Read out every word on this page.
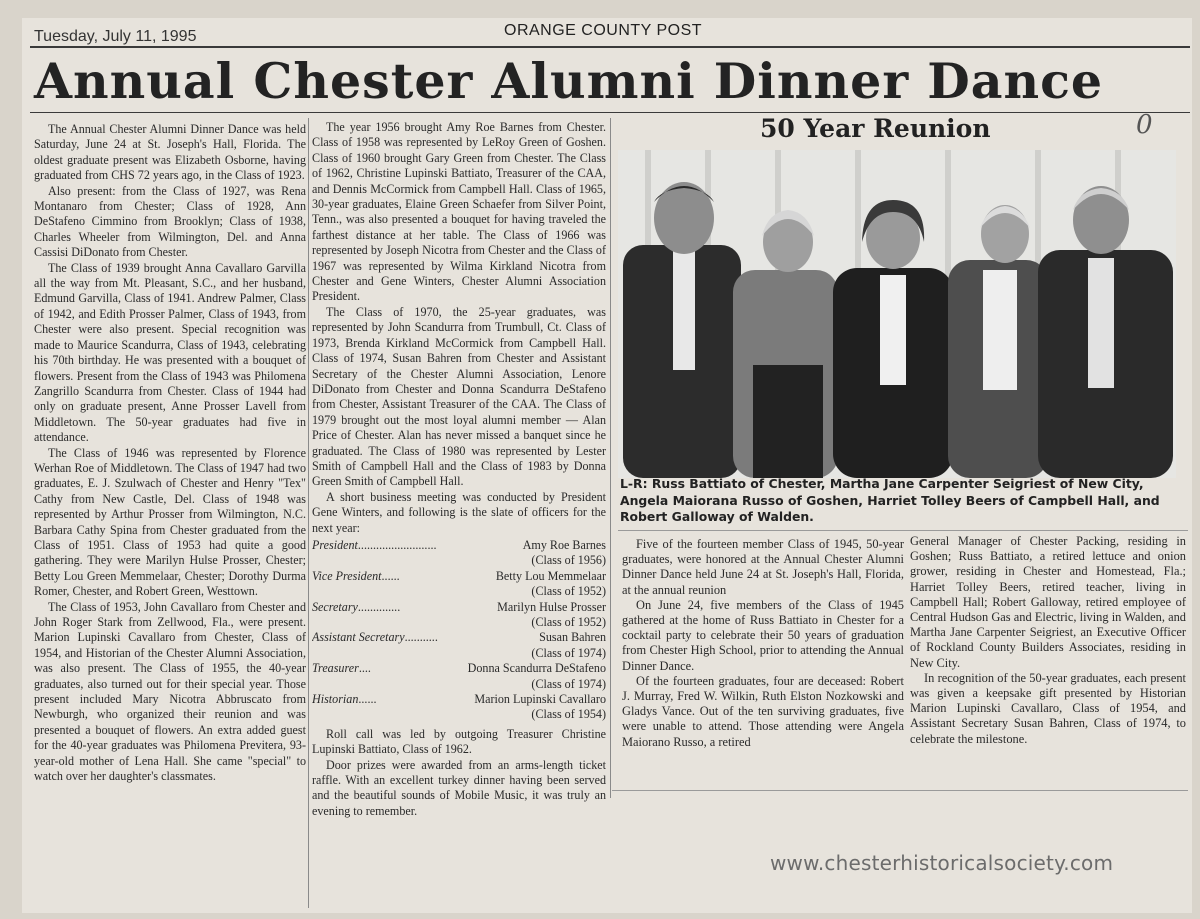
Tuesday, July 11, 1995	ORANGE COUNTY POST
Annual Chester Alumni Dinner Dance
50 Year Reunion	0

The Annual Chester Alumni Dinner Dance was held Saturday, June 24 at St. Joseph's Hall, Florida. The oldest graduate present was Elizabeth Osborne, having graduated from CHS 72 years ago, in the Class of 1923.

Also present: from the Class of 1927, was Rena Montanaro from Chester; Class of 1928, Ann DeStafeno Cimmino from Brooklyn; Class of 1938, Charles Wheeler from Wilmington, Del. and Anna Cassisi DiDonato from Chester.

The Class of 1939 brought Anna Cavallaro Garvilla all the way from Mt. Pleasant, S.C., and her husband, Edmund Garvilla, Class of 1941. Andrew Palmer, Class of 1942, and Edith Prosser Palmer, Class of 1943, from Chester were also present. Special recognition was made to Maurice Scandurra, Class of 1943, celebrating his 70th birthday. He was presented with a bouquet of flowers. Present from the Class of 1943 was Philomena Zangrillo Scandurra from Chester. Class of 1944 had only on graduate present, Anne Prosser Lavell from Middletown. The 50-year graduates had five in attendance.

The Class of 1946 was represented by Florence Werhan Roe of Middletown. The Class of 1947 had two graduates, E. J. Szulwach of Chester and Henry "Tex" Cathy from New Castle, Del. Class of 1948 was represented by Arthur Prosser from Wilmington, N.C. Barbara Cathy Spina from Chester graduated from the Class of 1951. Class of 1953 had quite a good gathering. They were Marilyn Hulse Prosser, Chester; Betty Lou Green Memmelaar, Chester; Dorothy Durma Romer, Chester, and Robert Green, Westtown.

The Class of 1953, John Cavallaro from Chester and John Roger Stark from Zellwood, Fla., were present. Marion Lupinski Cavallaro from Chester, Class of 1954, and Historian of the Chester Alumni Association, was also present. The Class of 1955, the 40-year graduates, also turned out for their special year. Those present included Mary Nicotra Abbruscato from Newburgh, who organized their reunion and was presented a bouquet of flowers. An extra added guest for the 40-year graduates was Philomena Previtera, 93-year-old mother of Lena Hall. She came "special" to watch over her daughter's classmates.

The year 1956 brought Amy Roe Barnes from Chester. Class of 1958 was represented by LeRoy Green of Goshen. Class of 1960 brought Gary Green from Chester. The Class of 1962, Christine Lupinski Battiato, Treasurer of the CAA, and Dennis McCormick from Campbell Hall. Class of 1965, 30-year graduates, Elaine Green Schaefer from Silver Point, Tenn., was also presented a bouquet for having traveled the farthest distance at her table. The Class of 1966 was represented by Joseph Nicotra from Chester and the Class of 1967 was represented by Wilma Kirkland Nicotra from Chester and Gene Winters, Chester Alumni Association President.

The Class of 1970, the 25-year graduates, was represented by John Scandurra from Trumbull, Ct. Class of 1973, Brenda Kirkland McCormick from Campbell Hall. Class of 1974, Susan Bahren from Chester and Assistant Secretary of the Chester Alumni Association, Lenore DiDonato from Chester and Donna Scandurra DeStafeno from Chester, Assistant Treasurer of the CAA. The Class of 1979 brought out the most loyal alumni member — Alan Price of Chester. Alan has never missed a banquet since he graduated. The Class of 1980 was represented by Lester Smith of Campbell Hall and the Class of 1983 by Donna Green Smith of Campbell Hall.

A short business meeting was conducted by President Gene Winters, and following is the slate of officers for the next year:

President..........................	Amy Roe Barnes
(Class of 1956)
Vice President......	Betty Lou Memmelaar
(Class of 1952)
Secretary..............	Marilyn Hulse Prosser
(Class of 1952)
Assistant Secretary...........	Susan Bahren
(Class of 1974)
Treasurer....	Donna Scandurra DeStafeno
(Class of 1974)
Historian......	Marion Lupinski Cavallaro
(Class of 1954)

Roll call was led by outgoing Treasurer Christine Lupinski Battiato, Class of 1962.

Door prizes were awarded from an arms-length ticket raffle. With an excellent turkey dinner having been served and the beautiful sounds of Mobile Music, it was truly an evening to remember.

L-R: Russ Battiato of Chester, Martha Jane Carpenter Seigriest of New City, Angela Maiorana Russo of Goshen, Harriet Tolley Beers of Campbell Hall, and Robert Galloway of Walden.

Five of the fourteen member Class of 1945, 50-year graduates, were honored at the Annual Chester Alumni Dinner Dance held June 24 at St. Joseph's Hall, Florida, at the annual reunion

On June 24, five members of the Class of 1945 gathered at the home of Russ Battiato in Chester for a cocktail party to celebrate their 50 years of graduation from Chester High School, prior to attending the Annual Dinner Dance.

Of the fourteen graduates, four are deceased: Robert J. Murray, Fred W. Wilkin, Ruth Elston Nozkowski and Gladys Vance. Out of the ten surviving graduates, five were unable to attend. Those attending were Angela Maiorano Russo, a retired

General Manager of Chester Packing, residing in Goshen; Russ Battiato, a retired lettuce and onion grower, residing in Chester and Homestead, Fla.; Harriet Tolley Beers, retired teacher, living in Campbell Hall; Robert Galloway, retired employee of Central Hudson Gas and Electric, living in Walden, and Martha Jane Carpenter Seigriest, an Executive Officer of Rockland County Builders Associates, residing in New City.

In recognition of the 50-year graduates, each present was given a keepsake gift presented by Historian Marion Lupinski Cavallaro, Class of 1954, and Assistant Secretary Susan Bahren, Class of 1974, to celebrate the milestone.

www.chesterhistoricalsociety.com
